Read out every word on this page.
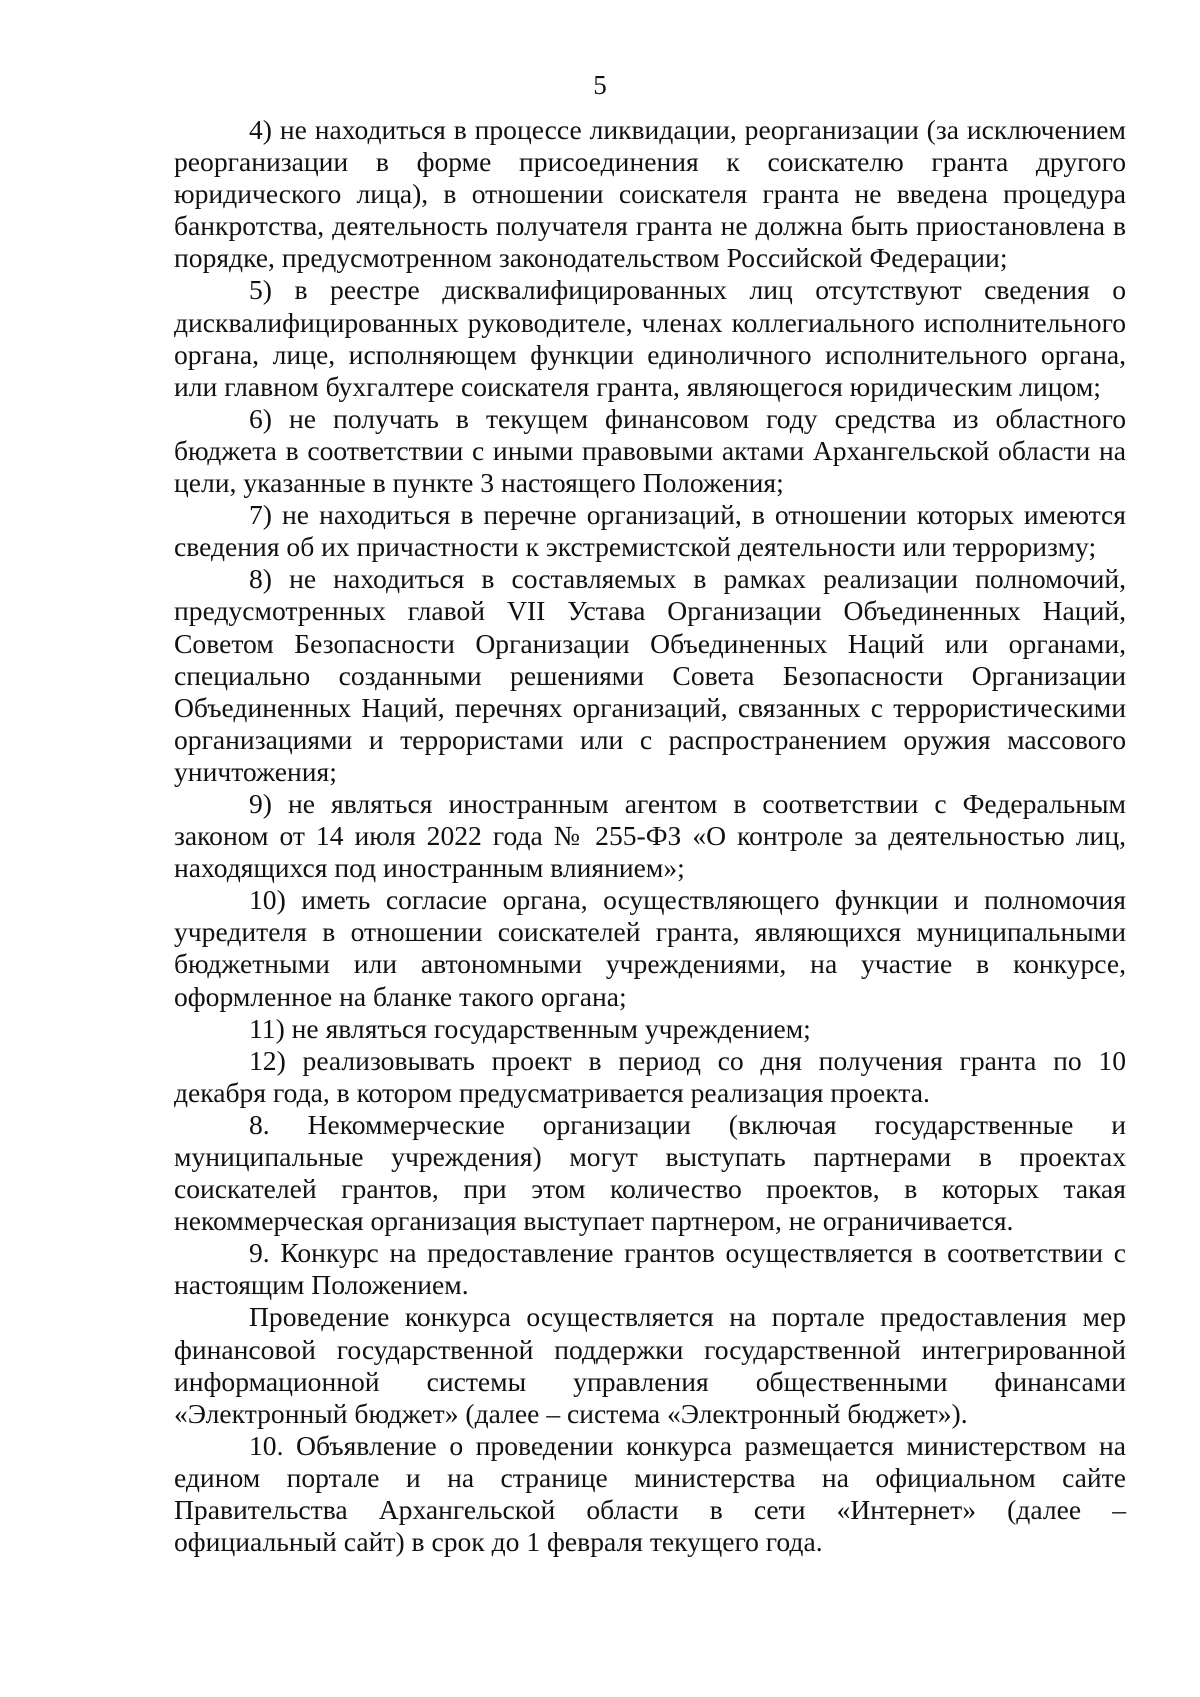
5

4) не находиться в процессе ликвидации, реорганизации (за исключением реорганизации в форме присоединения к соискателю гранта другого юридического лица), в отношении соискателя гранта не введена процедура банкротства, деятельность получателя гранта не должна быть приостановлена в порядке, предусмотренном законодательством Российской Федерации;

5) в реестре дисквалифицированных лиц отсутствуют сведения о дисквалифицированных руководителе, членах коллегиального исполнительного органа, лице, исполняющем функции единоличного исполнительного органа, или главном бухгалтере соискателя гранта, являющегося юридическим лицом;

6) не получать в текущем финансовом году средства из областного бюджета в соответствии с иными правовыми актами Архангельской области на цели, указанные в пункте 3 настоящего Положения;

7) не находиться в перечне организаций, в отношении которых имеются сведения об их причастности к экстремистской деятельности или терроризму;

8) не находиться в составляемых в рамках реализации полномочий, предусмотренных главой VII Устава Организации Объединенных Наций, Советом Безопасности Организации Объединенных Наций или органами, специально созданными решениями Совета Безопасности Организации Объединенных Наций, перечнях организаций, связанных с террористическими организациями и террористами или с распространением оружия массового уничтожения;

9) не являться иностранным агентом в соответствии с Федеральным законом от 14 июля 2022 года № 255-ФЗ «О контроле за деятельностью лиц, находящихся под иностранным влиянием»;

10) иметь согласие органа, осуществляющего функции и полномочия учредителя в отношении соискателей гранта, являющихся муниципальными бюджетными или автономными учреждениями, на участие в конкурсе, оформленное на бланке такого органа;

11) не являться государственным учреждением;

12) реализовывать проект в период со дня получения гранта по 10 декабря года, в котором предусматривается реализация проекта.

8. Некоммерческие организации (включая государственные и муниципальные учреждения) могут выступать партнерами в проектах соискателей грантов, при этом количество проектов, в которых такая некоммерческая организация выступает партнером, не ограничивается.

9. Конкурс на предоставление грантов осуществляется в соответствии с настоящим Положением.

Проведение конкурса осуществляется на портале предоставления мер финансовой государственной поддержки государственной интегрированной информационной системы управления общественными финансами «Электронный бюджет» (далее – система «Электронный бюджет»).

10. Объявление о проведении конкурса размещается министерством на едином портале и на странице министерства на официальном сайте Правительства Архангельской области в сети «Интернет» (далее – официальный сайт) в срок до 1 февраля текущего года.
